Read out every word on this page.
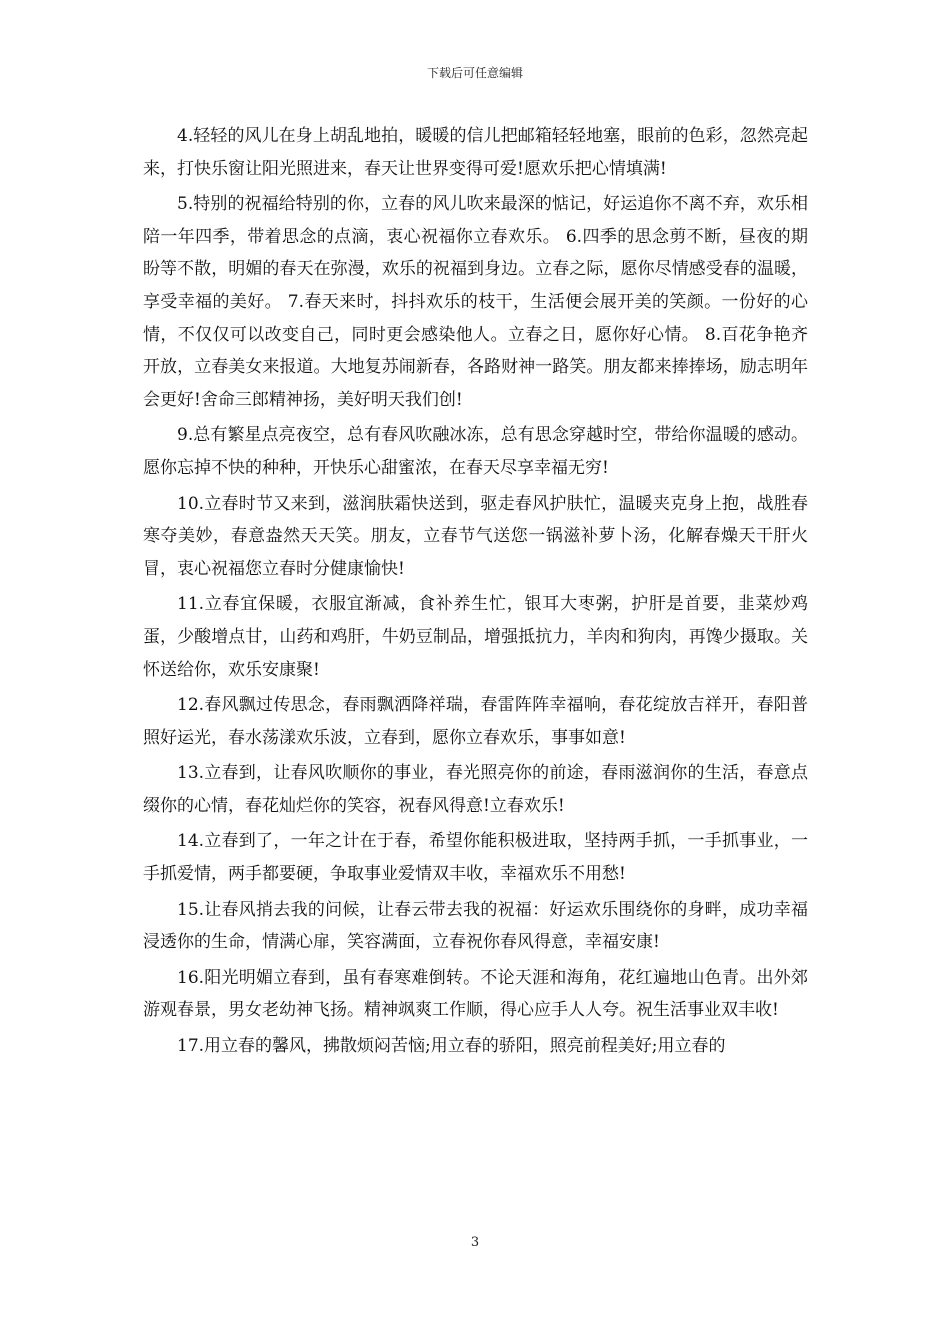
下载后可任意编辑

4.轻轻的风儿在身上胡乱地拍，暖暖的信儿把邮箱轻轻地塞，眼前的色彩，忽然亮起来，打快乐窗让阳光照进来，春天让世界变得可爱!愿欢乐把心情填满!

5.特别的祝福给特别的你，立春的风儿吹来最深的惦记，好运追你不离不弃，欢乐相陪一年四季，带着思念的点滴，衷心祝福你立春欢乐。 6.四季的思念剪不断，昼夜的期盼等不散，明媚的春天在弥漫，欢乐的祝福到身边。立春之际，愿你尽情感受春的温暖，享受幸福的美好。 7.春天来时，抖抖欢乐的枝干，生活便会展开美的笑颜。一份好的心情，不仅仅可以改变自己，同时更会感染他人。立春之日，愿你好心情。 8.百花争艳齐开放，立春美女来报道。大地复苏闹新春，各路财神一路笑。朋友都来捧捧场，励志明年会更好!舍命三郎精神扬，美好明天我们创!

9.总有繁星点亮夜空，总有春风吹融冰冻，总有思念穿越时空，带给你温暖的感动。愿你忘掉不快的种种，开快乐心甜蜜浓，在春天尽享幸福无穷!

10.立春时节又来到，滋润肤霜快送到，驱走春风护肤忙，温暖夹克身上抱，战胜春寒夺美妙，春意盎然天天笑。朋友，立春节气送您一锅滋补萝卜汤，化解春燥天干肝火冒，衷心祝福您立春时分健康愉快!

11.立春宜保暖，衣服宜渐减，食补养生忙，银耳大枣粥，护肝是首要，韭菜炒鸡蛋，少酸增点甘，山药和鸡肝，牛奶豆制品，增强抵抗力，羊肉和狗肉，再馋少摄取。关怀送给你，欢乐安康聚!

12.春风飘过传思念，春雨飘洒降祥瑞，春雷阵阵幸福响，春花绽放吉祥开，春阳普照好运光，春水荡漾欢乐波，立春到，愿你立春欢乐，事事如意!

13.立春到，让春风吹顺你的事业，春光照亮你的前途，春雨滋润你的生活，春意点缀你的心情，春花灿烂你的笑容，祝春风得意!立春欢乐!

14.立春到了，一年之计在于春，希望你能积极进取，坚持两手抓，一手抓事业，一手抓爱情，两手都要硬，争取事业爱情双丰收，幸福欢乐不用愁!

15.让春风捎去我的问候，让春云带去我的祝福：好运欢乐围绕你的身畔，成功幸福浸透你的生命，情满心扉，笑容满面，立春祝你春风得意，幸福安康!

16.阳光明媚立春到，虽有春寒难倒转。不论天涯和海角，花红遍地山色青。出外郊游观春景，男女老幼神飞扬。精神飒爽工作顺，得心应手人人夸。祝生活事业双丰收!

17.用立春的馨风，拂散烦闷苦恼;用立春的骄阳，照亮前程美好;用立春的

3
